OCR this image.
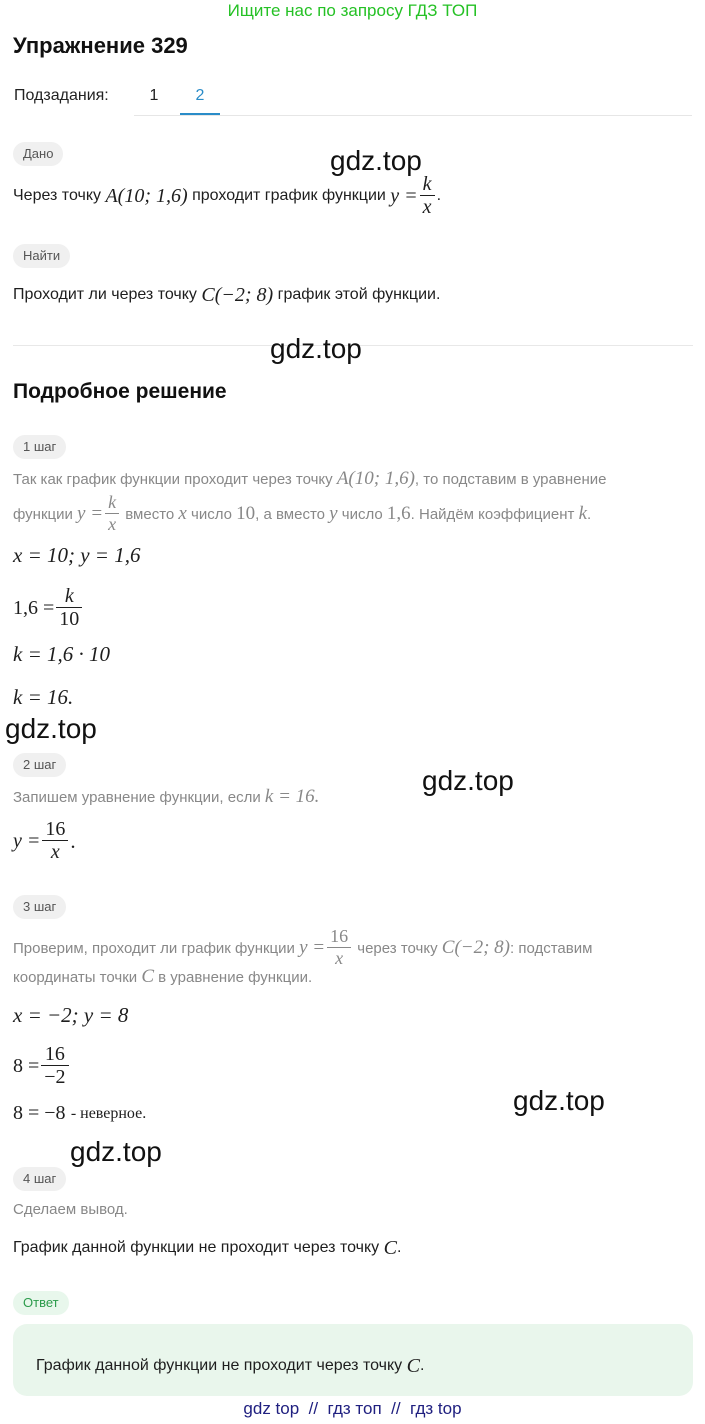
Ищите нас по запросу ГДЗ ТОП
Упражнение 329
Подзадания:	1	2
Дано
Через точку
A(10; 1,6)
проходит график функции
$y = \frac{k}{x}$ .
Найти
Проходит ли через точку
C(−2; 8)
график этой функции.
Подробное решение
1 шаг
Так как график функции проходит через точку
A(10; 1,6) , то подставим в уравнение
функции
$y = \frac{k}{x}$
вместо
x
число
10 , а вместо
y
число
1,6 . Найдём коэффициент
k .
x = 10; y = 1,6
$1,6 = \frac{k}{10}$
k = 1,6 · 10
k = 16.
2 шаг
Запишем уравнение функции, если
k = 16.
$y = \frac{16}{x}$ .
3 шаг
Проверим, проходит ли график функции
$y = \frac{16}{x}$
через точку
C(−2; 8) : подставим
координаты точки
C
в уравнение функции.
x = −2; y = 8
$8 = \frac{16}{-2}$
8 = −8
- неверное.
4 шаг
Сделаем вывод.
График данной функции не проходит через точку
C .
Ответ
График данной функции не проходит через точку
C .
gdz.top
gdz.top
gdz.top
gdz.top
gdz.top
gdz.top
gdz top // гдз топ // гдз top
